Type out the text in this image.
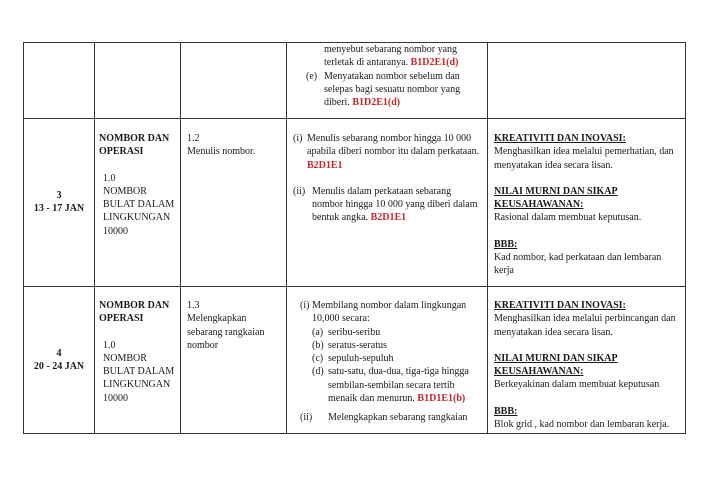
menyebut sebarang nombor yang

terletak di antaranya. B1D2E1(d)

(e) Menyatakan nombor sebelum dan

selepas bagi sesuatu nombor yang

diberi. B1D2E1(d)

3

13 - 17 JAN

NOMBOR DAN

OPERASI

1.0

NOMBOR

BULAT DALAM

LINGKUNGAN

10000

1.2

Menulis nombor.

(i) Menulis sebarang nombor hingga 10 000

apabila diberi nombor itu dalam perkataan.

B2D1E1

(ii) Menulis dalam perkataan sebarang

nombor hingga 10 000 yang diberi dalam

bentuk angka. B2D1E1

KREATIVITI DAN INOVASI:

Menghasilkan idea melalui pemerhatian, dan

menyatakan idea secara lisan.

NILAI MURNI DAN SIKAP

KEUSAHAWANAN:

Rasional dalam membuat keputusan.

BBB:

Kad nombor, kad perkataan dan lembaran

kerja

4

20 - 24 JAN

NOMBOR DAN

OPERASI

1.0

NOMBOR

BULAT DALAM

LINGKUNGAN

10000

1.3

Melengkapkan

sebarang rangkaian

nombor

(i) Membilang nombor dalam lingkungan

10,000 secara:

(a) seribu-seribu

(b) seratus-seratus

(c) sepuluh-sepuluh

(d) satu-satu, dua-dua, tiga-tiga hingga

sembilan-sembilan secara tertib

menaik dan menurun. B1D1E1(b)

(ii) Melengkapkan sebarang rangkaian

KREATIVITI DAN INOVASI:

Menghasilkan idea melalui perbincangan dan

menyatakan idea secara lisan.

NILAI MURNI DAN SIKAP

KEUSAHAWANAN:

Berkeyakinan dalam membuat keputusan

BBB:

Blok grid , kad nombor dan lembaran kerja.
